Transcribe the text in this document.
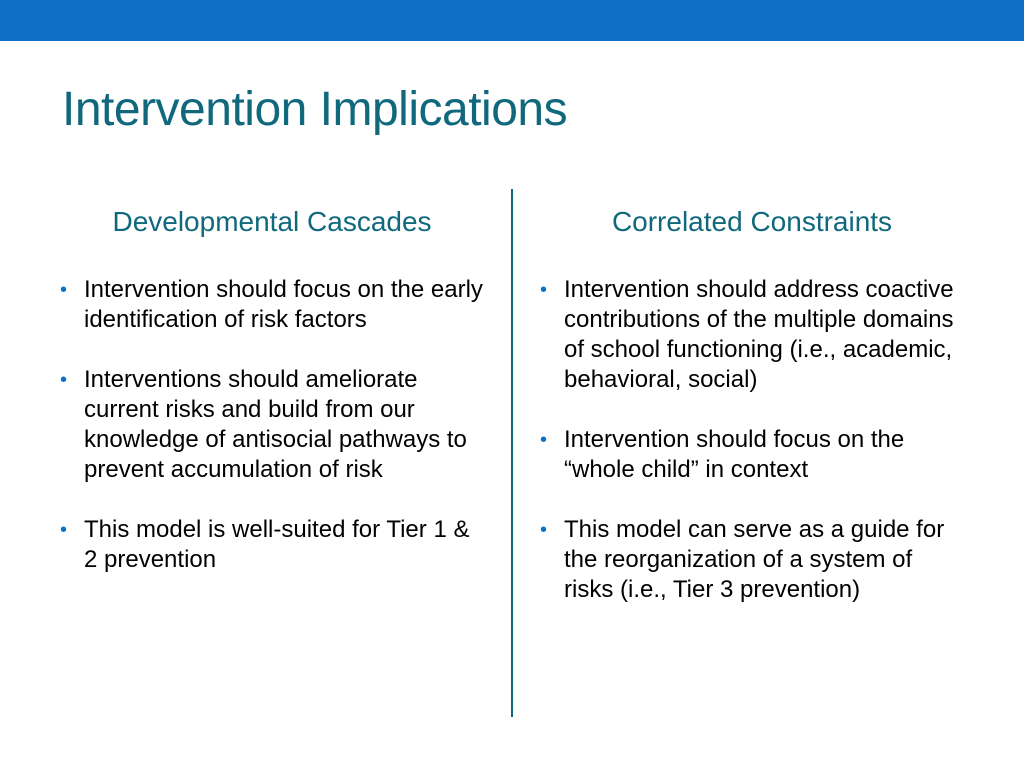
Intervention Implications
Developmental Cascades
• Intervention should focus on the early identification of risk factors
• Interventions should ameliorate current risks and build from our knowledge of antisocial pathways to prevent accumulation of risk
• This model is well-suited for Tier 1 & 2 prevention
Correlated Constraints
• Intervention should address coactive contributions of the multiple domains of school functioning (i.e., academic, behavioral, social)
• Intervention should focus on the “whole child” in context
• This model can serve as a guide for the reorganization of a system of risks (i.e., Tier 3 prevention)
